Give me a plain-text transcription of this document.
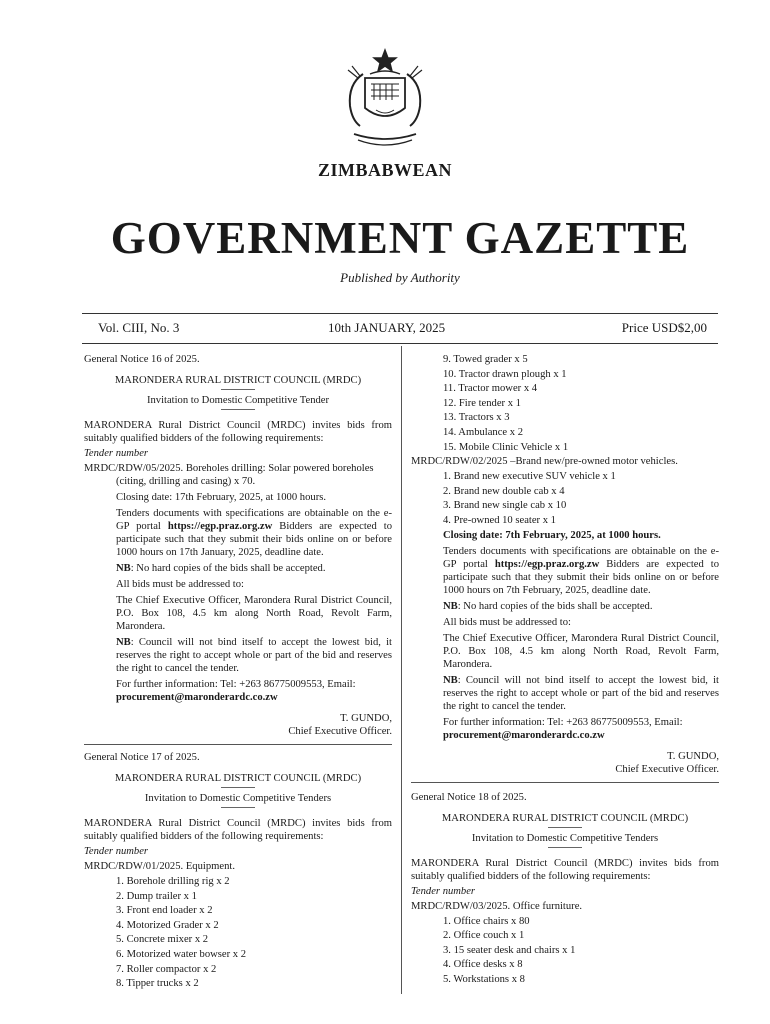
ZIMBABWEAN
GOVERNMENT GAZETTE
Published by Authority
Vol. CIII, No. 3	10th JANUARY, 2025	Price USD$2,00

General Notice 16 of 2025.

MARONDERA RURAL DISTRICT COUNCIL (MRDC)

Invitation to Domestic Competitive Tender

MARONDERA Rural District Council (MRDC) invites bids from suitably qualified bidders of the following requirements:

Tender number

MRDC/RDW/05/2025. Boreholes drilling: Solar powered boreholes (citing, drilling and casing) x 70.

Closing date: 17th February, 2025, at 1000 hours.

Tenders documents with specifications are obtainable on the e-GP portal https://egp.praz.org.zw Bidders are expected to participate such that they submit their bids online on or before 1000 hours on 17th January, 2025, deadline date.

NB: No hard copies of the bids shall be accepted.

All bids must be addressed to:

The Chief Executive Officer, Marondera Rural District Council, P.O. Box 108, 4.5 km along North Road, Revolt Farm, Marondera.

NB: Council will not bind itself to accept the lowest bid, it reserves the right to accept whole or part of the bid and reserves the right to cancel the tender.

For further information: Tel: +263 86775009553, Email:

procurement@maronderardc.co.zw

T. GUNDO,

Chief Executive Officer.

General Notice 17 of 2025.

MARONDERA RURAL DISTRICT COUNCIL (MRDC)

Invitation to Domestic Competitive Tenders

MARONDERA Rural District Council (MRDC) invites bids from suitably qualified bidders of the following requirements:

Tender number

MRDC/RDW/01/2025. Equipment.

1. Borehole drilling rig x 2

2. Dump trailer x 1

3. Front end loader x 2

4. Motorized Grader x 2

5. Concrete mixer x 2

6. Motorized water bowser x 2

7. Roller compactor x 2

8. Tipper trucks x 2

9. Towed grader x 5

10. Tractor drawn plough x 1

11. Tractor mower x 4

12. Fire tender x 1

13. Tractors x 3

14. Ambulance x 2

15. Mobile Clinic Vehicle x 1

MRDC/RDW/02/2025 –Brand new/pre-owned motor vehicles.

1. Brand new executive SUV vehicle x 1

2. Brand new double cab x 4

3. Brand new single cab x 10

4. Pre-owned 10 seater x 1

Closing date: 7th February, 2025, at 1000 hours.

Tenders documents with specifications are obtainable on the e-GP portal https://egp.praz.org.zw Bidders are expected to participate such that they submit their bids online on or before 1000 hours on 7th February, 2025, deadline date.

NB: No hard copies of the bids shall be accepted.

All bids must be addressed to:

The Chief Executive Officer, Marondera Rural District Council, P.O. Box 108, 4.5 km along North Road, Revolt Farm, Marondera.

NB: Council will not bind itself to accept the lowest bid, it reserves the right to accept whole or part of the bid and reserves the right to cancel the tender.

For further information: Tel: +263 86775009553, Email:

procurement@maronderardc.co.zw

T. GUNDO,

Chief Executive Officer.

General Notice 18 of 2025.

MARONDERA RURAL DISTRICT COUNCIL (MRDC)

Invitation to Domestic Competitive Tenders

MARONDERA Rural District Council (MRDC) invites bids from suitably qualified bidders of the following requirements:

Tender number

MRDC/RDW/03/2025. Office furniture.

1. Office chairs x 80

2. Office couch x 1

3. 15 seater desk and chairs x 1

4. Office desks x 8

5. Workstations x 8
